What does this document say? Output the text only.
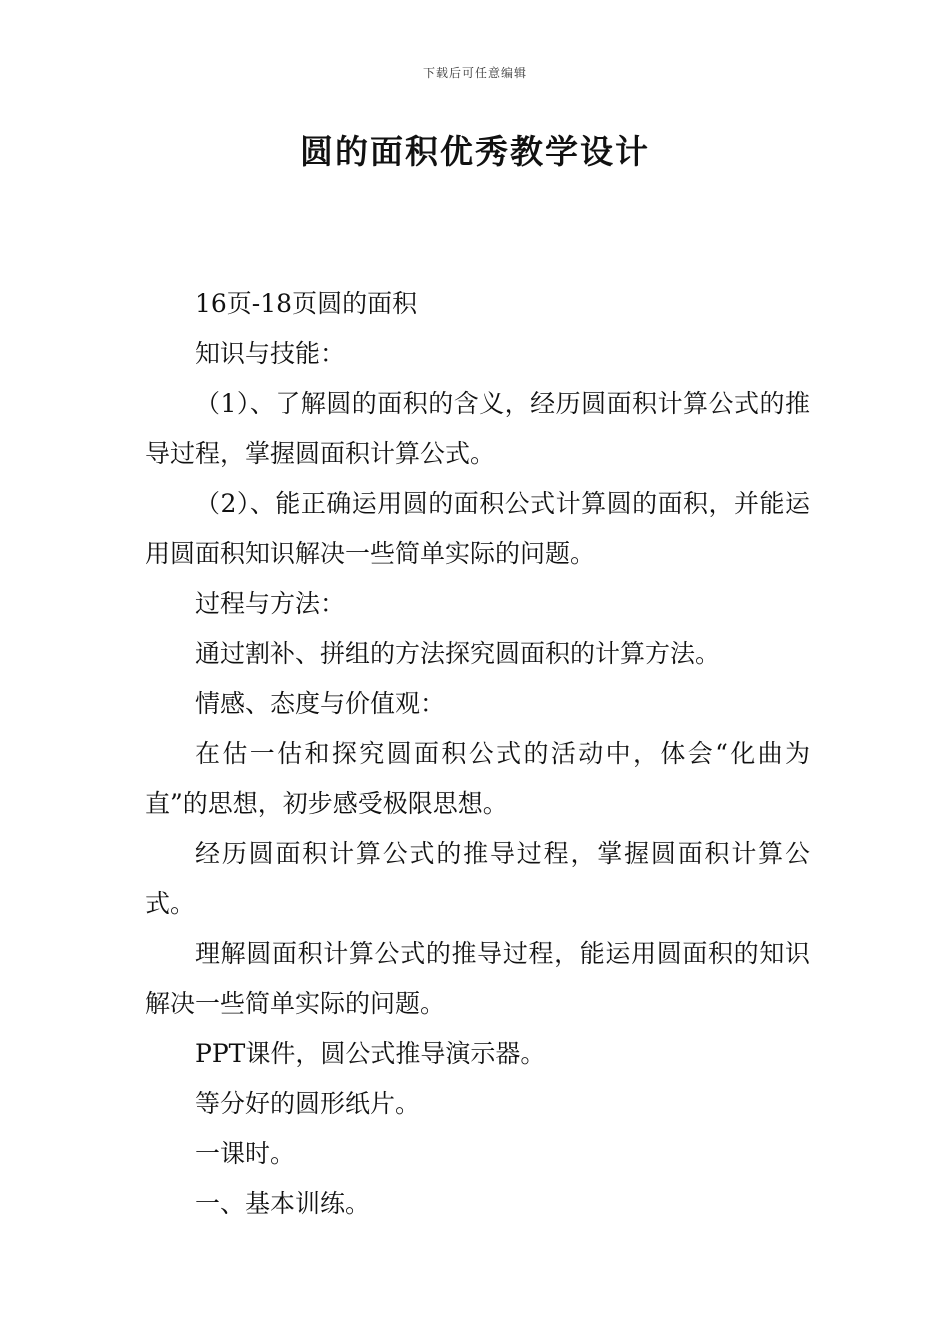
下载后可任意编辑
圆的面积优秀教学设计

16页-18页圆的面积

知识与技能：

（1）、了解圆的面积的含义，经历圆面积计算公式的推导过程，掌握圆面积计算公式。

（2）、能正确运用圆的面积公式计算圆的面积，并能运用圆面积知识解决一些简单实际的问题。

过程与方法：

通过割补、拼组的方法探究圆面积的计算方法。

情感、态度与价值观：

在估一估和探究圆面积公式的活动中，体会“化曲为直”的思想，初步感受极限思想。

经历圆面积计算公式的推导过程，掌握圆面积计算公式。

理解圆面积计算公式的推导过程，能运用圆面积的知识解决一些简单实际的问题。

PPT课件，圆公式推导演示器。

等分好的圆形纸片。

一课时。

一、基本训练。
